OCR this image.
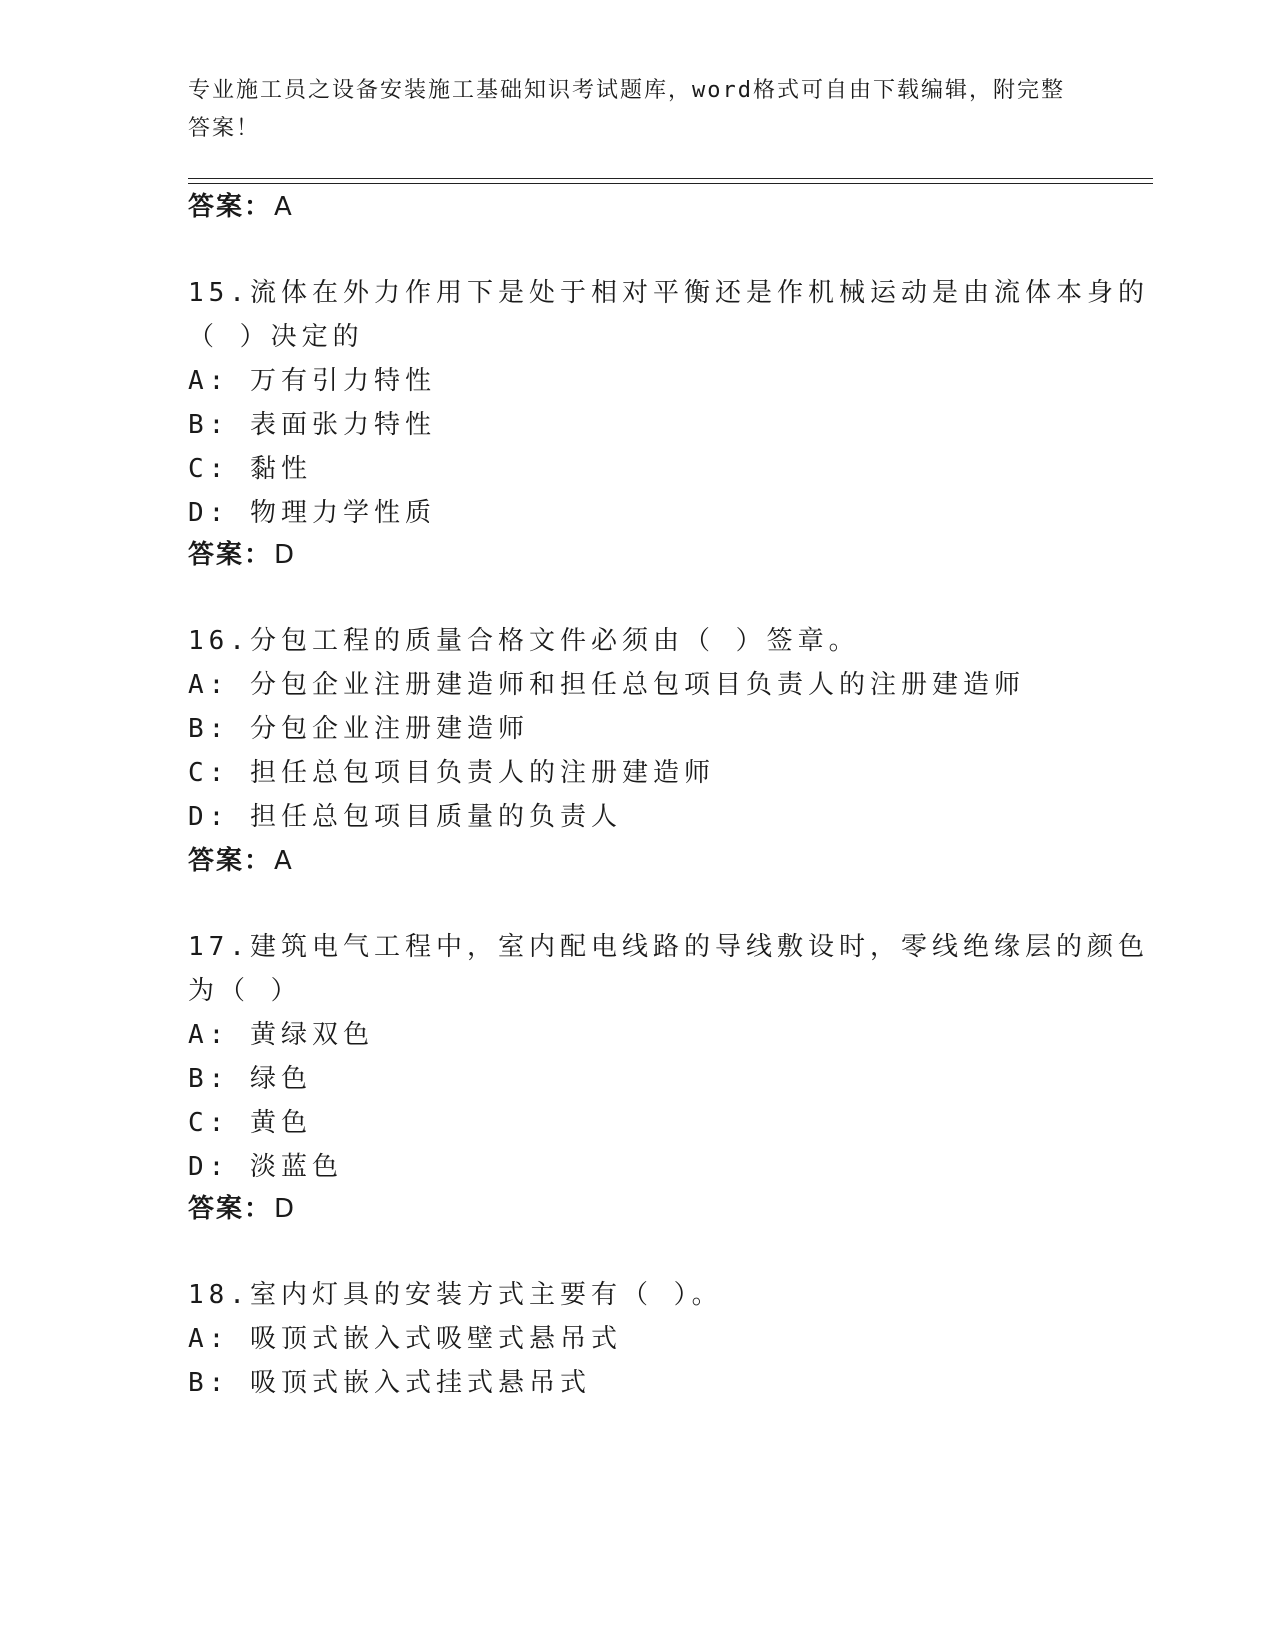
专业施工员之设备安装施工基础知识考试题库，word格式可自由下载编辑，附完整答案！
答案：A
15.流体在外力作用下是处于相对平衡还是作机械运动是由流体本身的
（ ）决定的
A: 万有引力特性
B: 表面张力特性
C: 黏性
D: 物理力学性质
答案：D
16.分包工程的质量合格文件必须由（ ）签章。
A: 分包企业注册建造师和担任总包项目负责人的注册建造师
B: 分包企业注册建造师
C: 担任总包项目负责人的注册建造师
D: 担任总包项目质量的负责人
答案：A
17.建筑电气工程中，室内配电线路的导线敷设时，零线绝缘层的颜色
为（ ）
A: 黄绿双色
B: 绿色
C: 黄色
D: 淡蓝色
答案：D
18.室内灯具的安装方式主要有（ ）。
A: 吸顶式嵌入式吸壁式悬吊式
B: 吸顶式嵌入式挂式悬吊式
